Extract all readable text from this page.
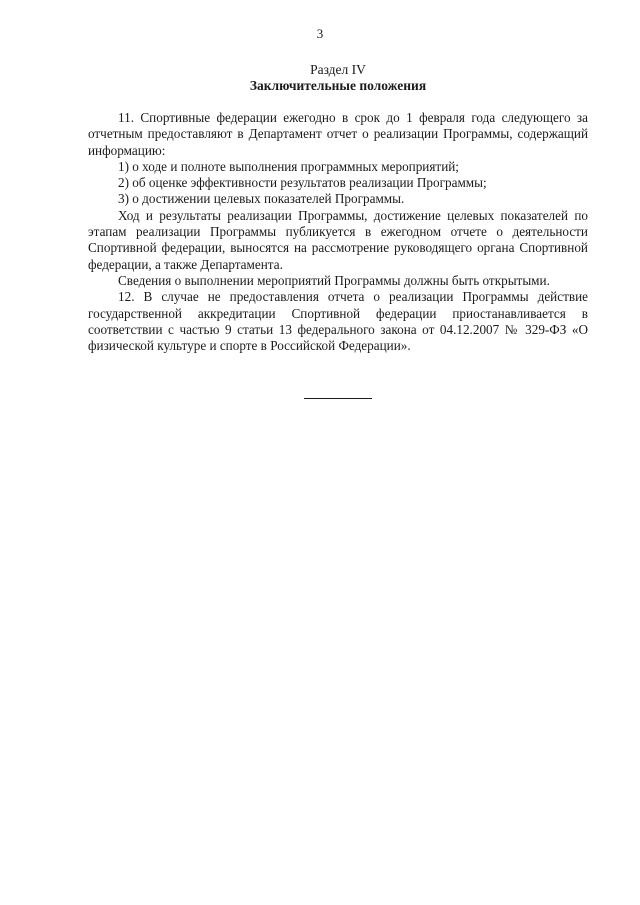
3
Раздел IV
Заключительные положения

11. Спортивные федерации ежегодно в срок до 1 февраля года следующего за отчетным предоставляют в Департамент отчет о реализации Программы, содержащий информацию:

1) о ходе и полноте выполнения программных мероприятий;

2) об оценке эффективности результатов реализации Программы;

3) о достижении целевых показателей Программы.

Ход и результаты реализации Программы, достижение целевых показателей по этапам реализации Программы публикуется в ежегодном отчете о деятельности Спортивной федерации, выносятся на рассмотрение руководящего органа Спортивной федерации, а также Департамента.

Сведения о выполнении мероприятий Программы должны быть открытыми.

12. В случае не предоставления отчета о реализации Программы действие государственной аккредитации Спортивной федерации приостанавливается в соответствии с частью 9 статьи 13 федерального закона от 04.12.2007 № 329-ФЗ «О физической культуре и спорте в Российской Федерации».
